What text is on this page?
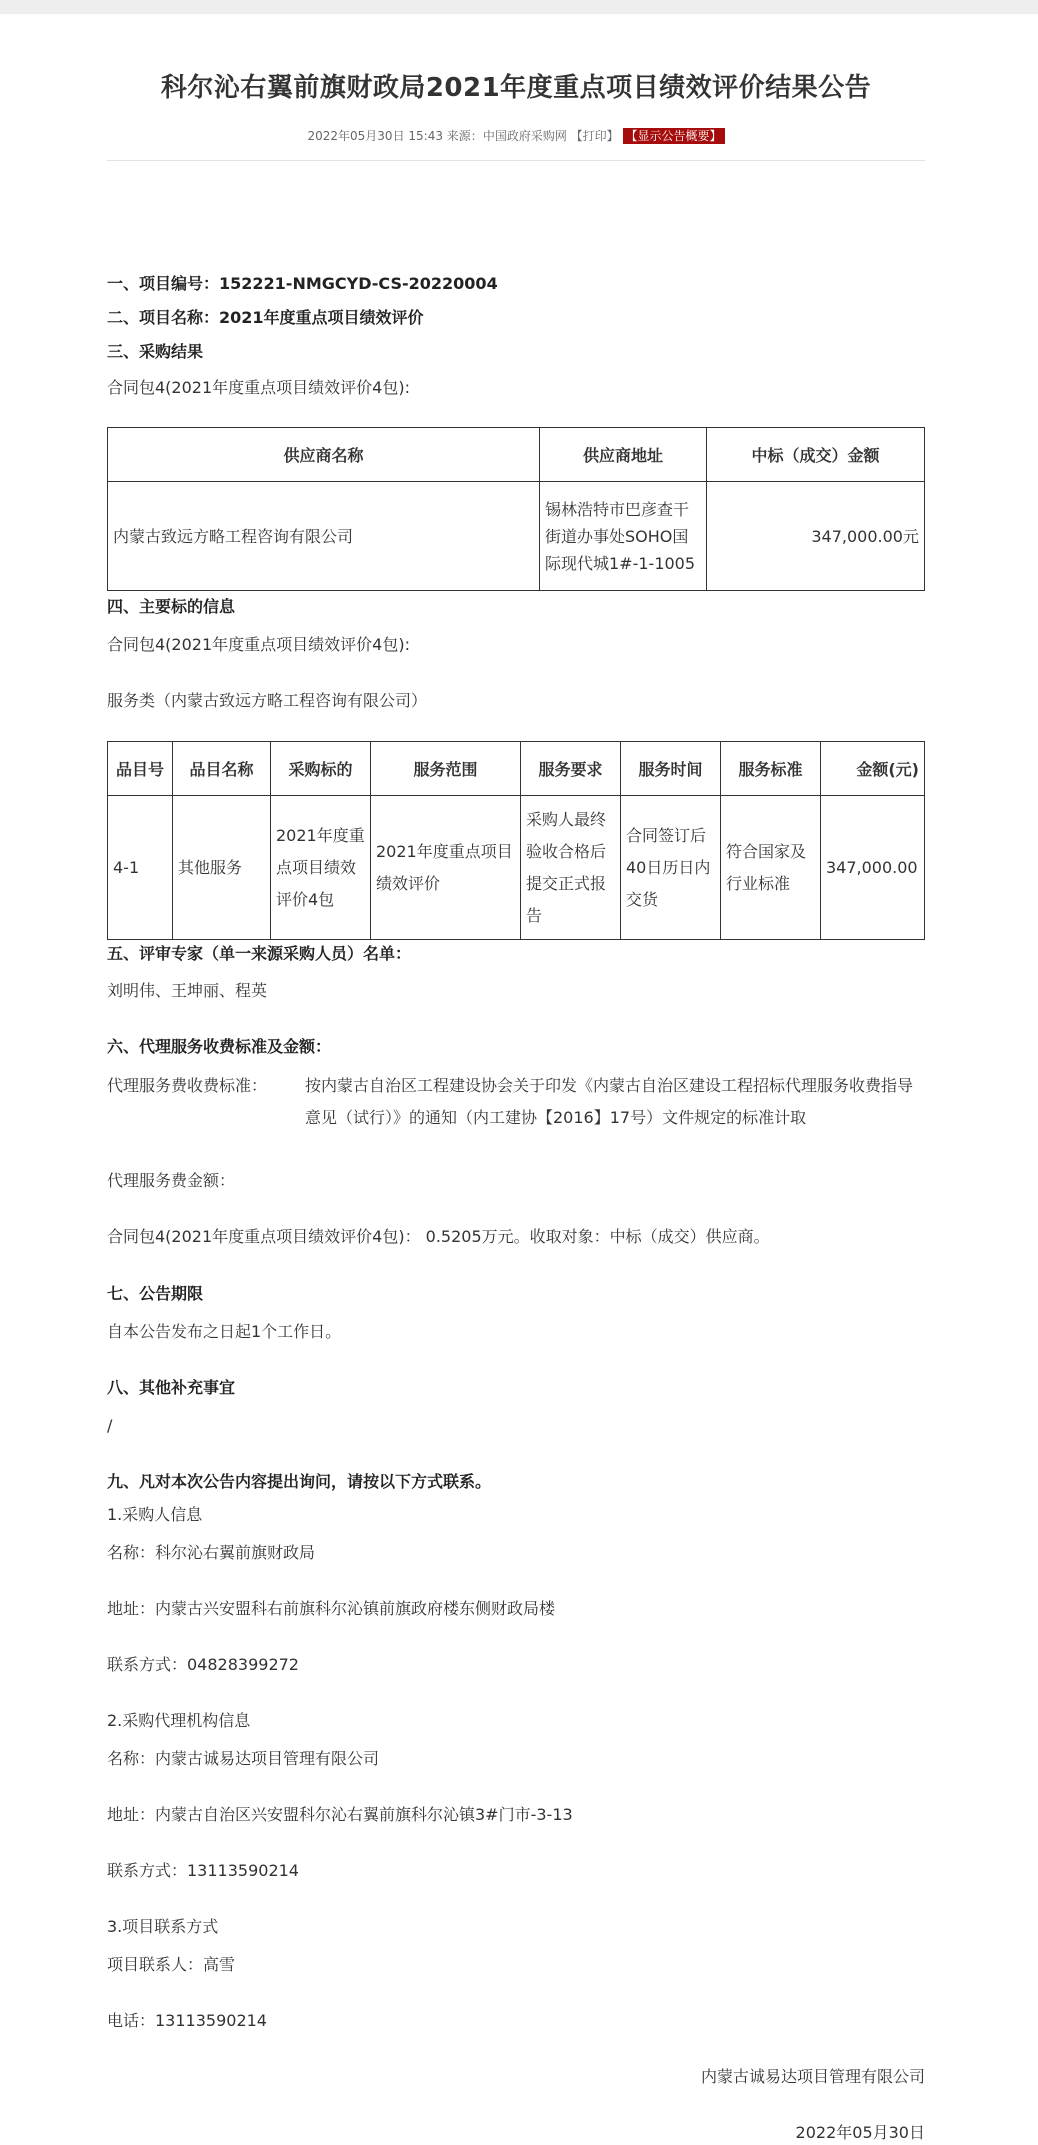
科尔沁右翼前旗财政局2021年度重点项目绩效评价结果公告
2022年05月30日 15:43 来源：中国政府采购网 【打印】 【显示公告概要】
一、项目编号：152221-NMGCYD-CS-20220004
二、项目名称：2021年度重点项目绩效评价
三、采购结果
合同包4(2021年度重点项目绩效评价4包):
供应商名称	供应商地址	中标（成交）金额
内蒙古致远方略工程咨询有限公司	锡林浩特市巴彦查干街道办事处SOHO国际现代城1#-1-1005	347,000.00元
四、主要标的信息
合同包4(2021年度重点项目绩效评价4包):
服务类（内蒙古致远方略工程咨询有限公司）
品目号	品目名称	采购标的	服务范围	服务要求	服务时间	服务标准	金额(元)
4-1	其他服务	2021年度重点项目绩效评价4包	2021年度重点项目绩效评价	采购人最终验收合格后提交正式报告	合同签订后40日历日内交货	符合国家及行业标准	347,000.00
五、评审专家（单一来源采购人员）名单：
刘明伟、王坤丽、程英
六、代理服务收费标准及金额：
代理服务费收费标准： 按内蒙古自治区工程建设协会关于印发《内蒙古自治区建设工程招标代理服务收费指导意见（试行）》的通知（内工建协【2016】17号）文件规定的标准计取
代理服务费金额：
合同包4(2021年度重点项目绩效评价4包)： 0.5205万元。收取对象：中标（成交）供应商。
七、公告期限
自本公告发布之日起1个工作日。
八、其他补充事宜
/
九、凡对本次公告内容提出询问，请按以下方式联系。
1.采购人信息
名称：科尔沁右翼前旗财政局
地址：内蒙古兴安盟科右前旗科尔沁镇前旗政府楼东侧财政局楼
联系方式：04828399272
2.采购代理机构信息
名称：内蒙古诚易达项目管理有限公司
地址：内蒙古自治区兴安盟科尔沁右翼前旗科尔沁镇3#门市-3-13
联系方式：13113590214
3.项目联系方式
项目联系人：高雪
电话：13113590214
内蒙古诚易达项目管理有限公司
2022年05月30日
